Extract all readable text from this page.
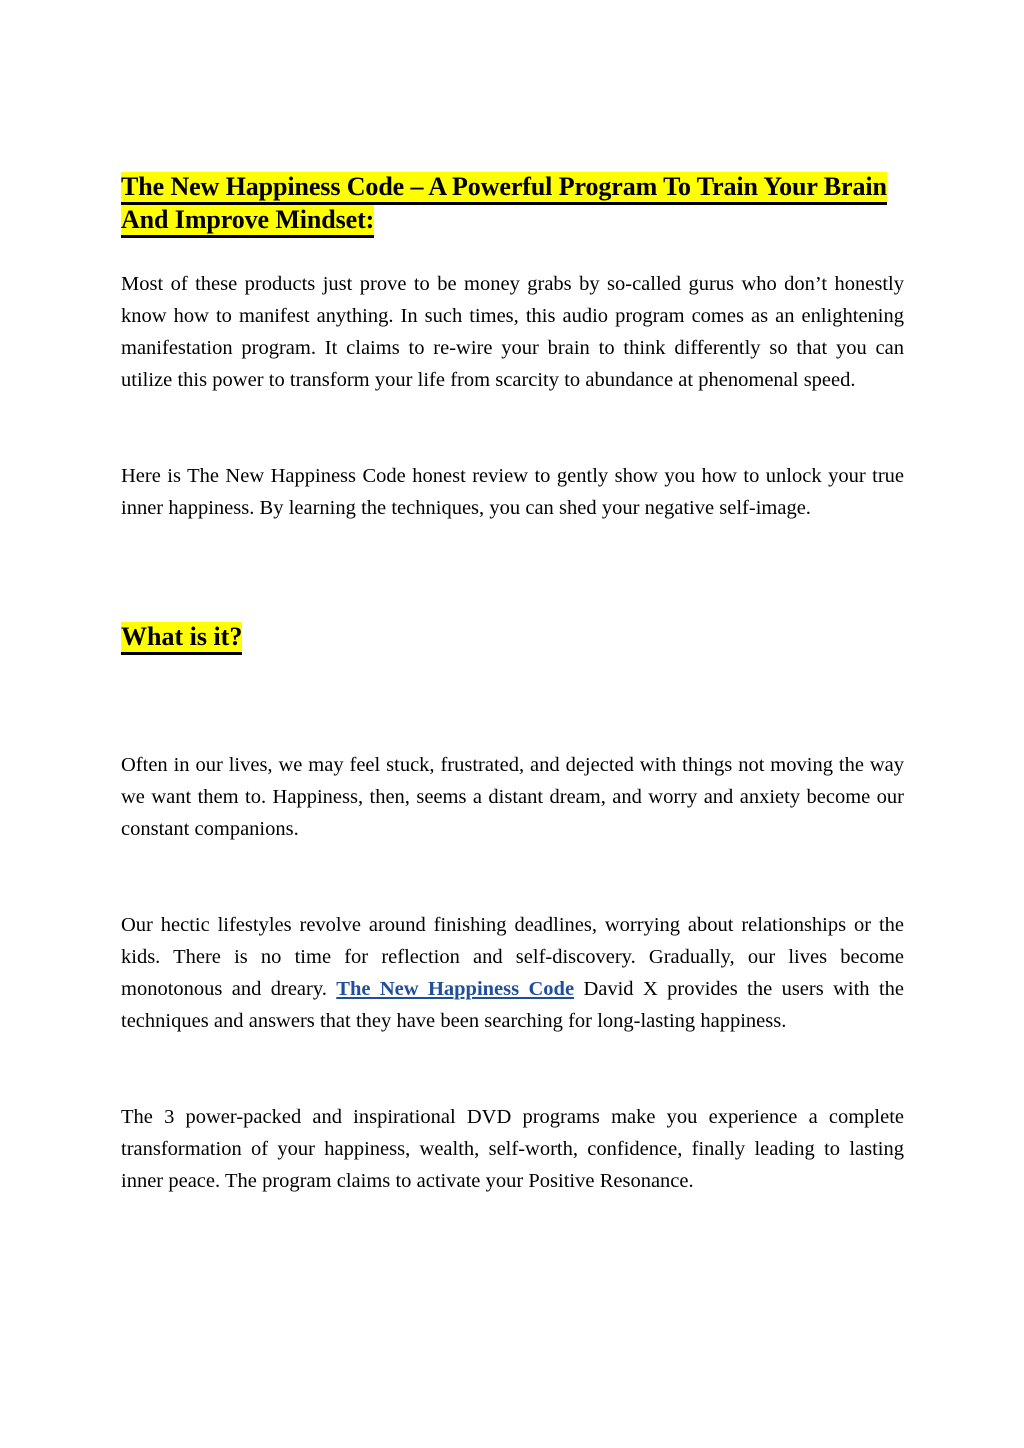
The New Happiness Code – A Powerful Program To Train Your Brain And Improve Mindset:

Most of these products just prove to be money grabs by so-called gurus who don’t honestly know how to manifest anything. In such times, this audio program comes as an enlightening manifestation program. It claims to re-wire your brain to think differently so that you can utilize this power to transform your life from scarcity to abundance at phenomenal speed.

Here is The New Happiness Code honest review to gently show you how to unlock your true inner happiness. By learning the techniques, you can shed your negative self-image.

What is it?

Often in our lives, we may feel stuck, frustrated, and dejected with things not moving the way we want them to. Happiness, then, seems a distant dream, and worry and anxiety become our constant companions.

Our hectic lifestyles revolve around finishing deadlines, worrying about relationships or the kids. There is no time for reflection and self-discovery. Gradually, our lives become monotonous and dreary. The New Happiness Code David X provides the users with the techniques and answers that they have been searching for long-lasting happiness.

The 3 power-packed and inspirational DVD programs make you experience a complete transformation of your happiness, wealth, self-worth, confidence, finally leading to lasting inner peace. The program claims to activate your Positive Resonance.
